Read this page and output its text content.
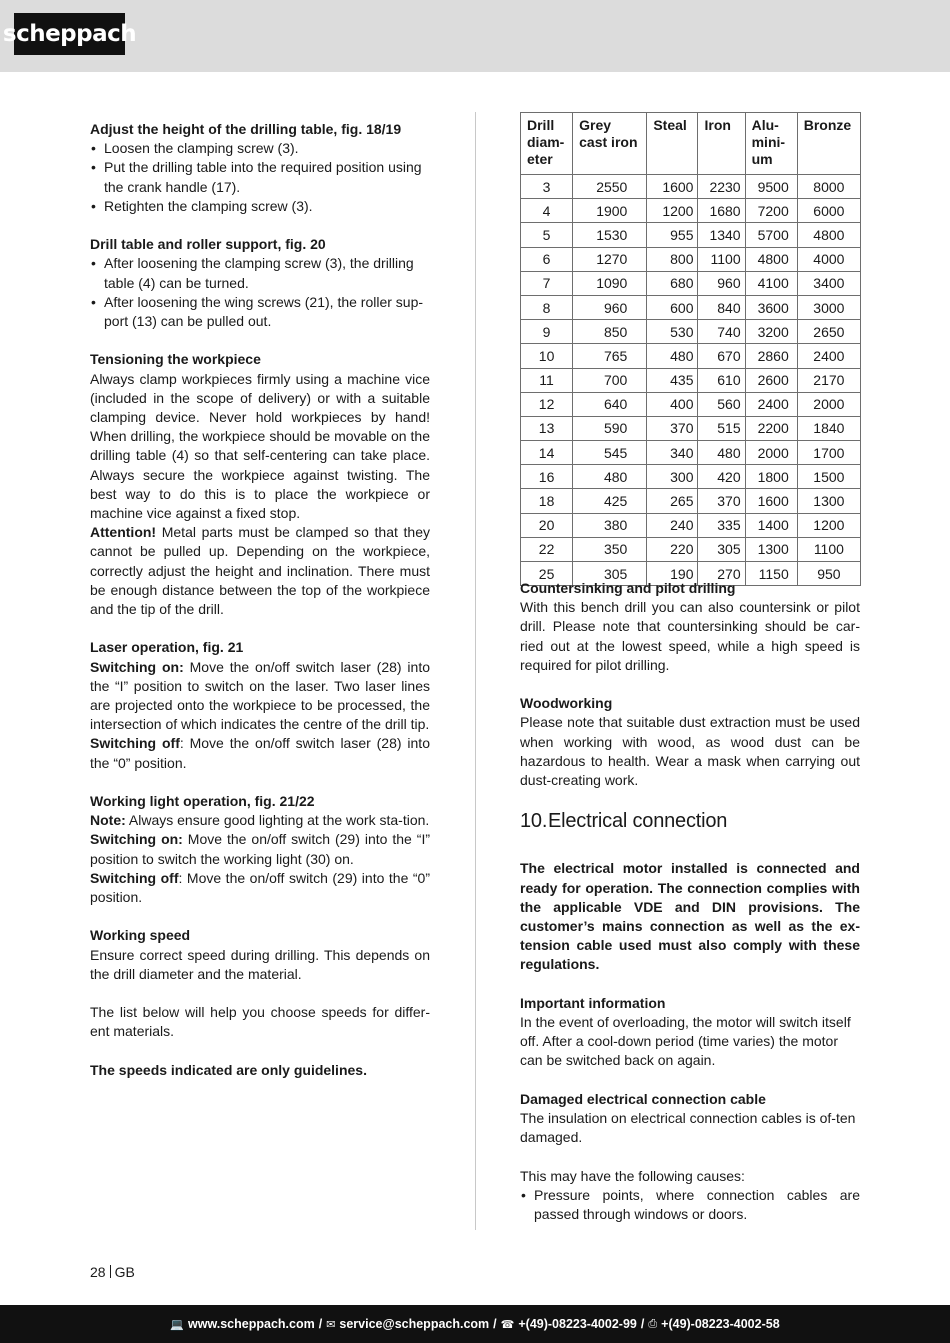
scheppach
Adjust the height of the drilling table, fig. 18/19
• Loosen the clamping screw (3).
• Put the drilling table into the required position using the crank handle (17).
• Retighten the clamping screw (3).
Drill table and roller support, fig. 20
• After loosening the clamping screw (3), the drilling table (4) can be turned.
• After loosening the wing screws (21), the roller sup-port (13) can be pulled out.
Tensioning the workpiece
Always clamp workpieces firmly using a machine vice (included in the scope of delivery) or with a suitable clamping device. Never hold workpieces by hand! When drilling, the workpiece should be movable on the drilling table (4) so that self-centering can take place. Always secure the workpiece against twisting. The best way to do this is to place the workpiece or machine vice against a fixed stop.
Attention! Metal parts must be clamped so that they cannot be pulled up. Depending on the workpiece, correctly adjust the height and inclination. There must be enough distance between the top of the workpiece and the tip of the drill.
Laser operation, fig. 21
Switching on: Move the on/off switch laser (28) into the “I” position to switch on the laser. Two laser lines are projected onto the workpiece to be processed, the intersection of which indicates the centre of the drill tip.
Switching off: Move the on/off switch laser (28) into the “0” position.
Working light operation, fig. 21/22
Note: Always ensure good lighting at the work sta-tion.
Switching on: Move the on/off switch (29) into the “I” position to switch the working light (30) on.
Switching off: Move the on/off switch (29) into the “0” position.
Working speed
Ensure correct speed during drilling. This depends on the drill diameter and the material.
The list below will help you choose speeds for differ-ent materials.
The speeds indicated are only guidelines.
Drill diam-eter	Grey cast iron	Steal	Iron	Alu-mini-um	Bronze
3	2550	1600	2230	9500	8000
4	1900	1200	1680	7200	6000
5	1530	955	1340	5700	4800
6	1270	800	1100	4800	4000
7	1090	680	960	4100	3400
8	960	600	840	3600	3000
9	850	530	740	3200	2650
10	765	480	670	2860	2400
11	700	435	610	2600	2170
12	640	400	560	2400	2000
13	590	370	515	2200	1840
14	545	340	480	2000	1700
16	480	300	420	1800	1500
18	425	265	370	1600	1300
20	380	240	335	1400	1200
22	350	220	305	1300	1100
25	305	190	270	1150	950
Countersinking and pilot drilling
With this bench drill you can also countersink or pilot drill. Please note that countersinking should be car-ried out at the lowest speed, while a high speed is required for pilot drilling.
Woodworking
Please note that suitable dust extraction must be used when working with wood, as wood dust can be hazardous to health. Wear a mask when carrying out dust-creating work.
10.Electrical connection
The electrical motor installed is connected and ready for operation. The connection complies with the applicable VDE and DIN provisions. The customer’s mains connection as well as the ex-tension cable used must also comply with these regulations.
Important information
In the event of overloading, the motor will switch itself off. After a cool-down period (time varies) the motor can be switched back on again.
Damaged electrical connection cable
The insulation on electrical connection cables is of-ten damaged.
This may have the following causes:
• Pressure points, where connection cables are passed through windows or doors.
28 GB
💻 www.scheppach.com / ✉ service@scheppach.com / ☎ +(49)-08223-4002-99 / ⎙ +(49)-08223-4002-58
